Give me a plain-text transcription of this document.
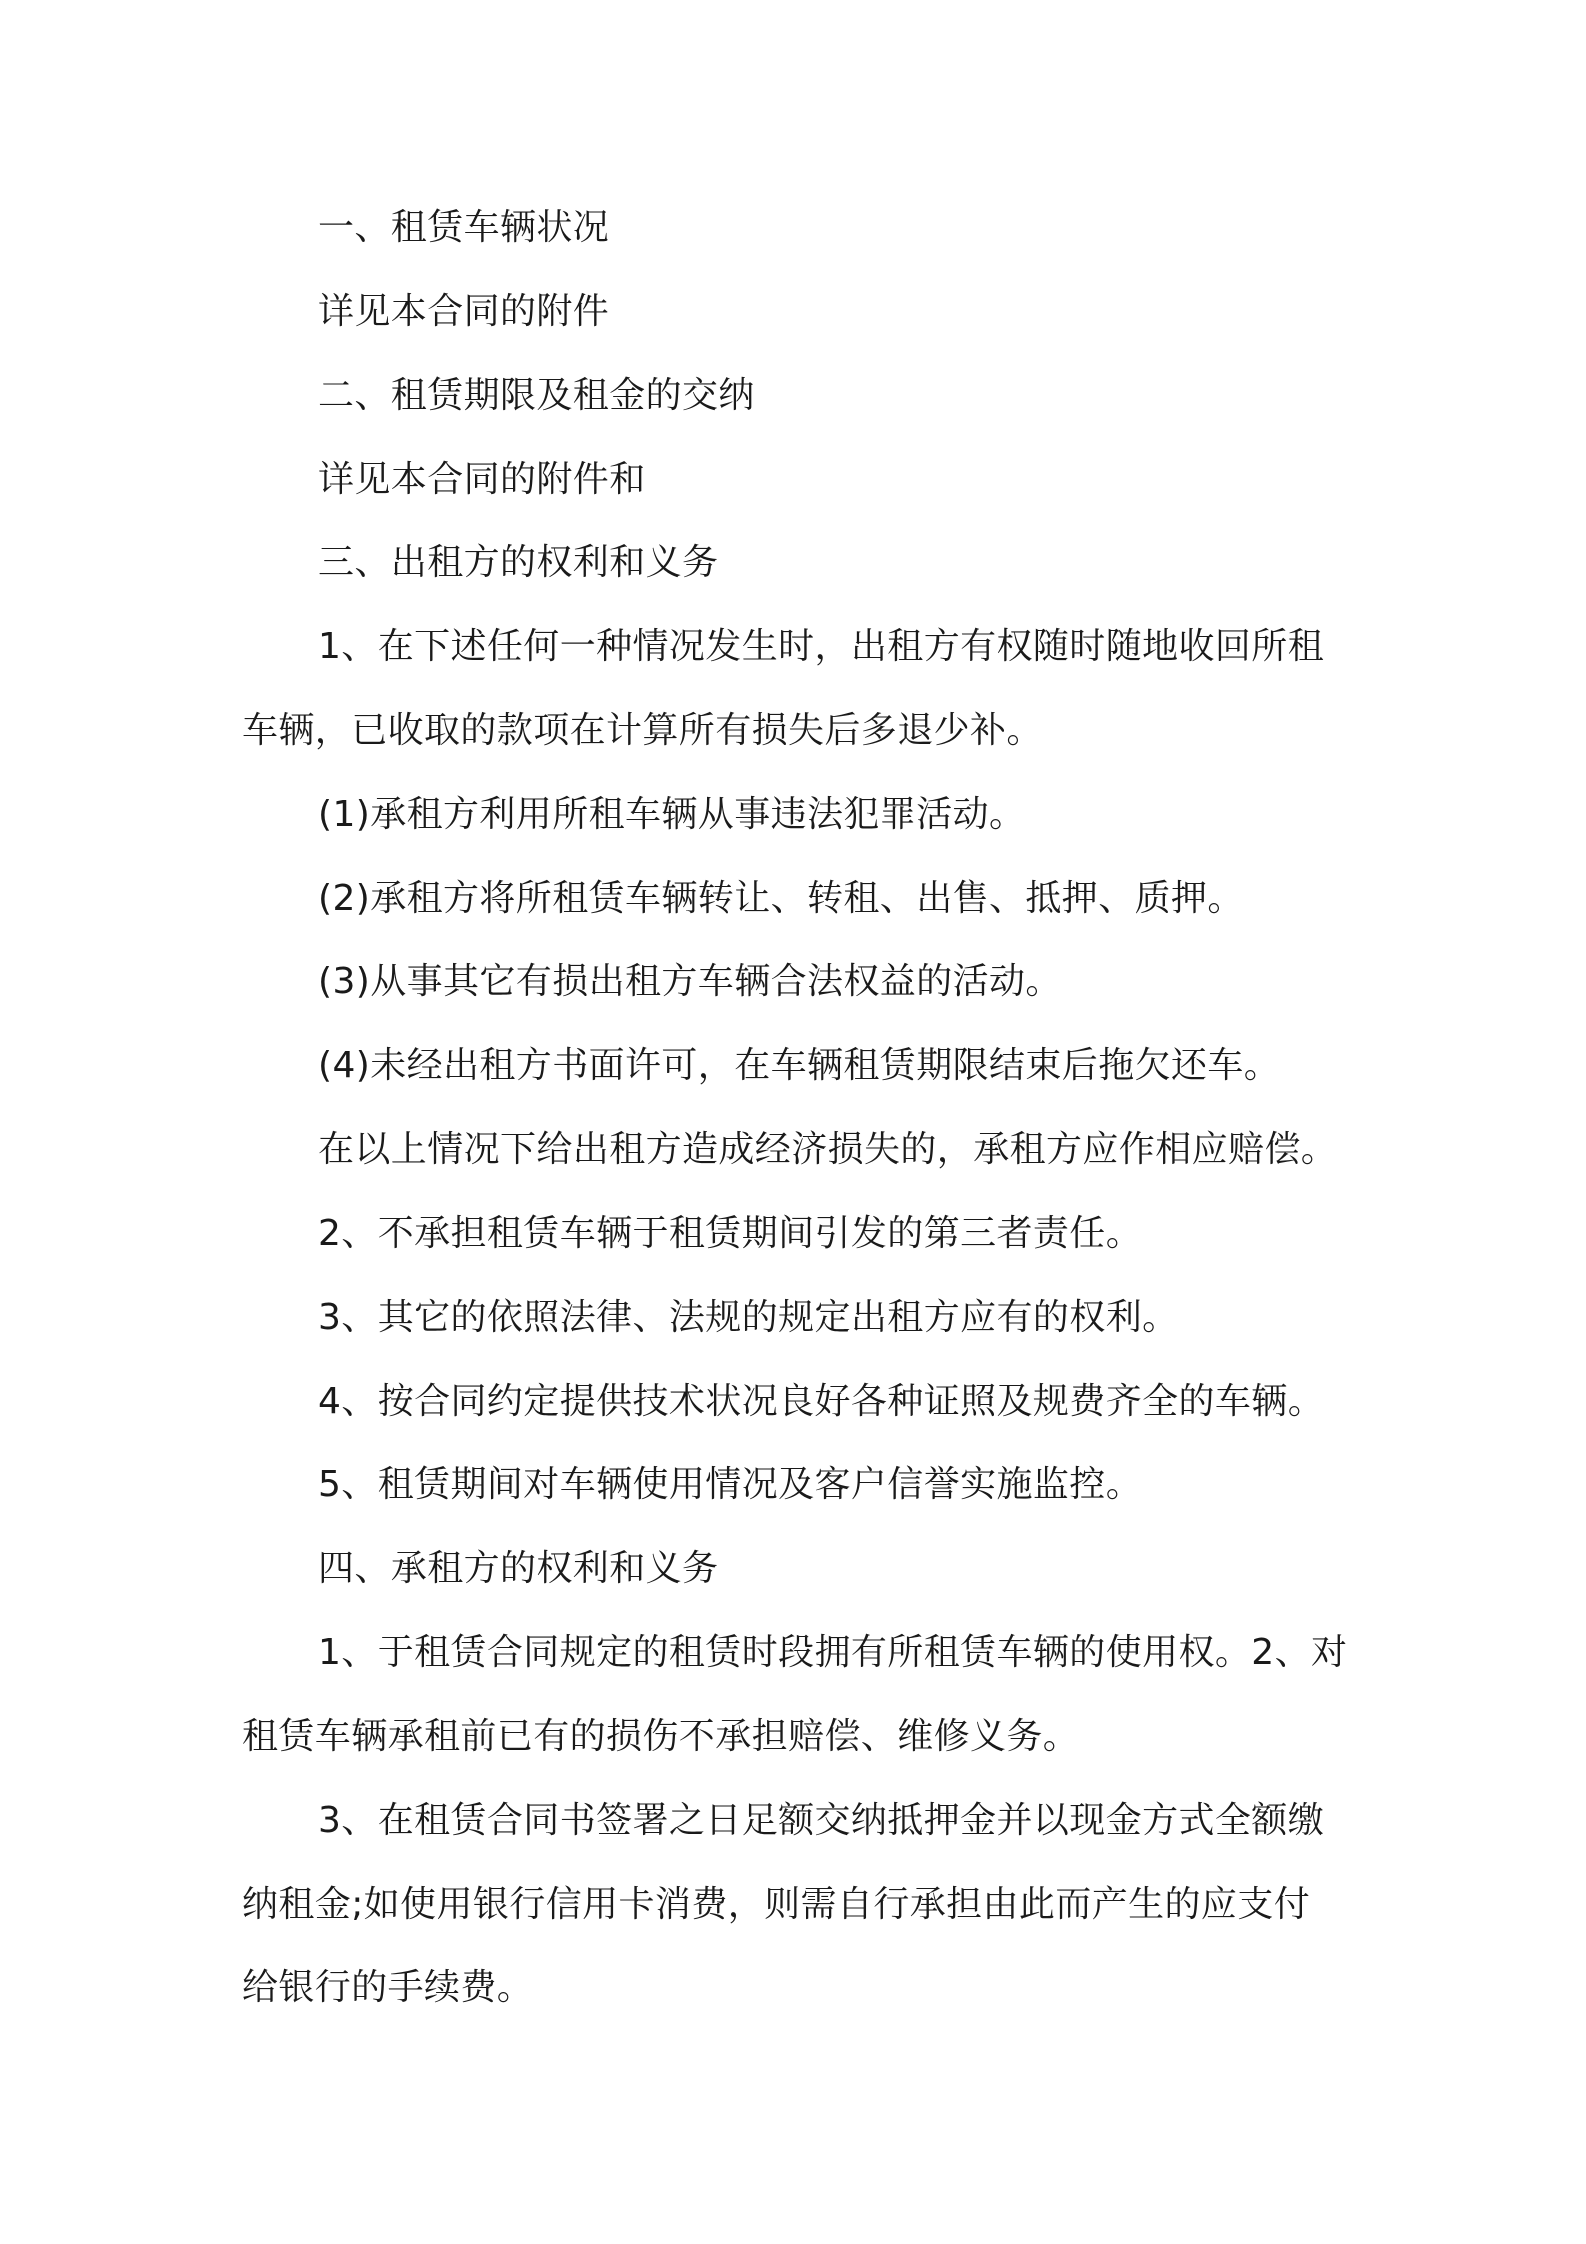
一、租赁车辆状况
详见本合同的附件
二、租赁期限及租金的交纳
详见本合同的附件和
三、出租方的权利和义务
1、在下述任何一种情况发生时，出租方有权随时随地收回所租
车辆，已收取的款项在计算所有损失后多退少补。
(1)承租方利用所租车辆从事违法犯罪活动。
(2)承租方将所租赁车辆转让、转租、出售、抵押、质押。
(3)从事其它有损出租方车辆合法权益的活动。
(4)未经出租方书面许可，在车辆租赁期限结束后拖欠还车。
在以上情况下给出租方造成经济损失的，承租方应作相应赔偿。
2、不承担租赁车辆于租赁期间引发的第三者责任。
3、其它的依照法律、法规的规定出租方应有的权利。
4、按合同约定提供技术状况良好各种证照及规费齐全的车辆。
5、租赁期间对车辆使用情况及客户信誉实施监控。
四、承租方的权利和义务
1、于租赁合同规定的租赁时段拥有所租赁车辆的使用权。2、对
租赁车辆承租前已有的损伤不承担赔偿、维修义务。
3、在租赁合同书签署之日足额交纳抵押金并以现金方式全额缴
纳租金;如使用银行信用卡消费，则需自行承担由此而产生的应支付
给银行的手续费。
